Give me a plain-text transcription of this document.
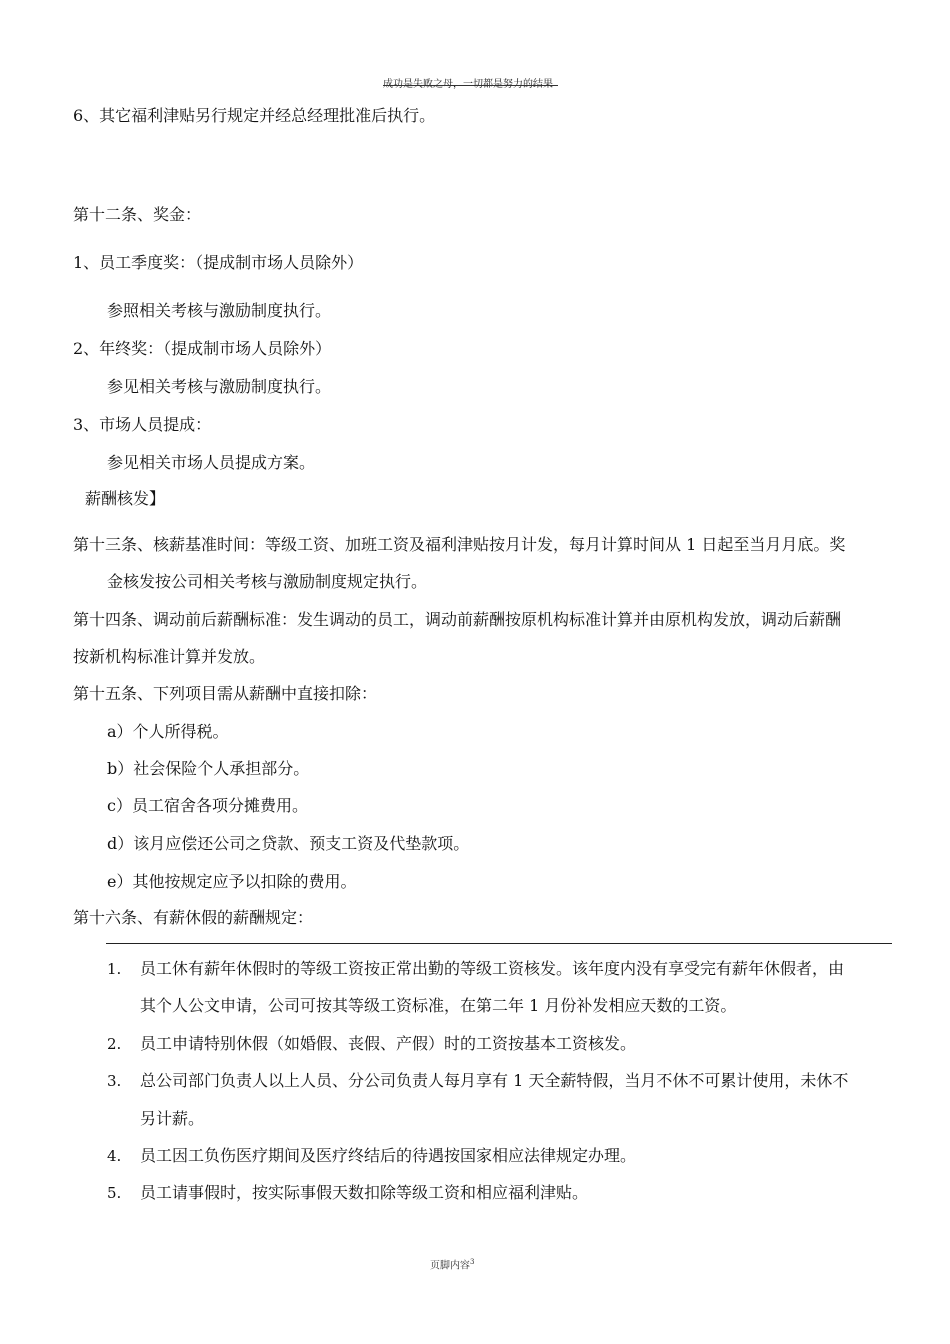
6、其它福利津贴另行规定并经总经理批准后执行。
第十二条、奖金：
1、员工季度奖：（提成制市场人员除外）
参照相关考核与激励制度执行。
2、年终奖：（提成制市场人员除外）
参见相关考核与激励制度执行。
3、市场人员提成：
参见相关市场人员提成方案。
薪酬核发】
第十三条、核薪基准时间：等级工资、加班工资及福利津贴按月计发，每月计算时间从 1 日起至当月月底。奖
金核发按公司相关考核与激励制度规定执行。
第十四条、调动前后薪酬标准：发生调动的员工，调动前薪酬按原机构标准计算并由原机构发放，调动后薪酬
按新机构标准计算并发放。
第十五条、下列项目需从薪酬中直接扣除：
a）个人所得税。
b）社会保险个人承担部分。
c）员工宿舍各项分摊费用。
d）该月应偿还公司之贷款、预支工资及代垫款项。
e）其他按规定应予以扣除的费用。
第十六条、有薪休假的薪酬规定：
1. 员工休有薪年休假时的等级工资按正常出勤的等级工资核发。该年度内没有享受完有薪年休假者，由
其个人公文申请，公司可按其等级工资标准，在第二年 1 月份补发相应天数的工资。
2. 员工申请特别休假（如婚假、丧假、产假）时的工资按基本工资核发。
3. 总公司部门负责人以上人员、分公司负责人每月享有 1 天全薪特假，当月不休不可累计使用，未休不
另计薪。
4. 员工因工负伤医疗期间及医疗终结后的待遇按国家相应法律规定办理。
5. 员工请事假时，按实际事假天数扣除等级工资和相应福利津贴。
页脚内容$^3$
